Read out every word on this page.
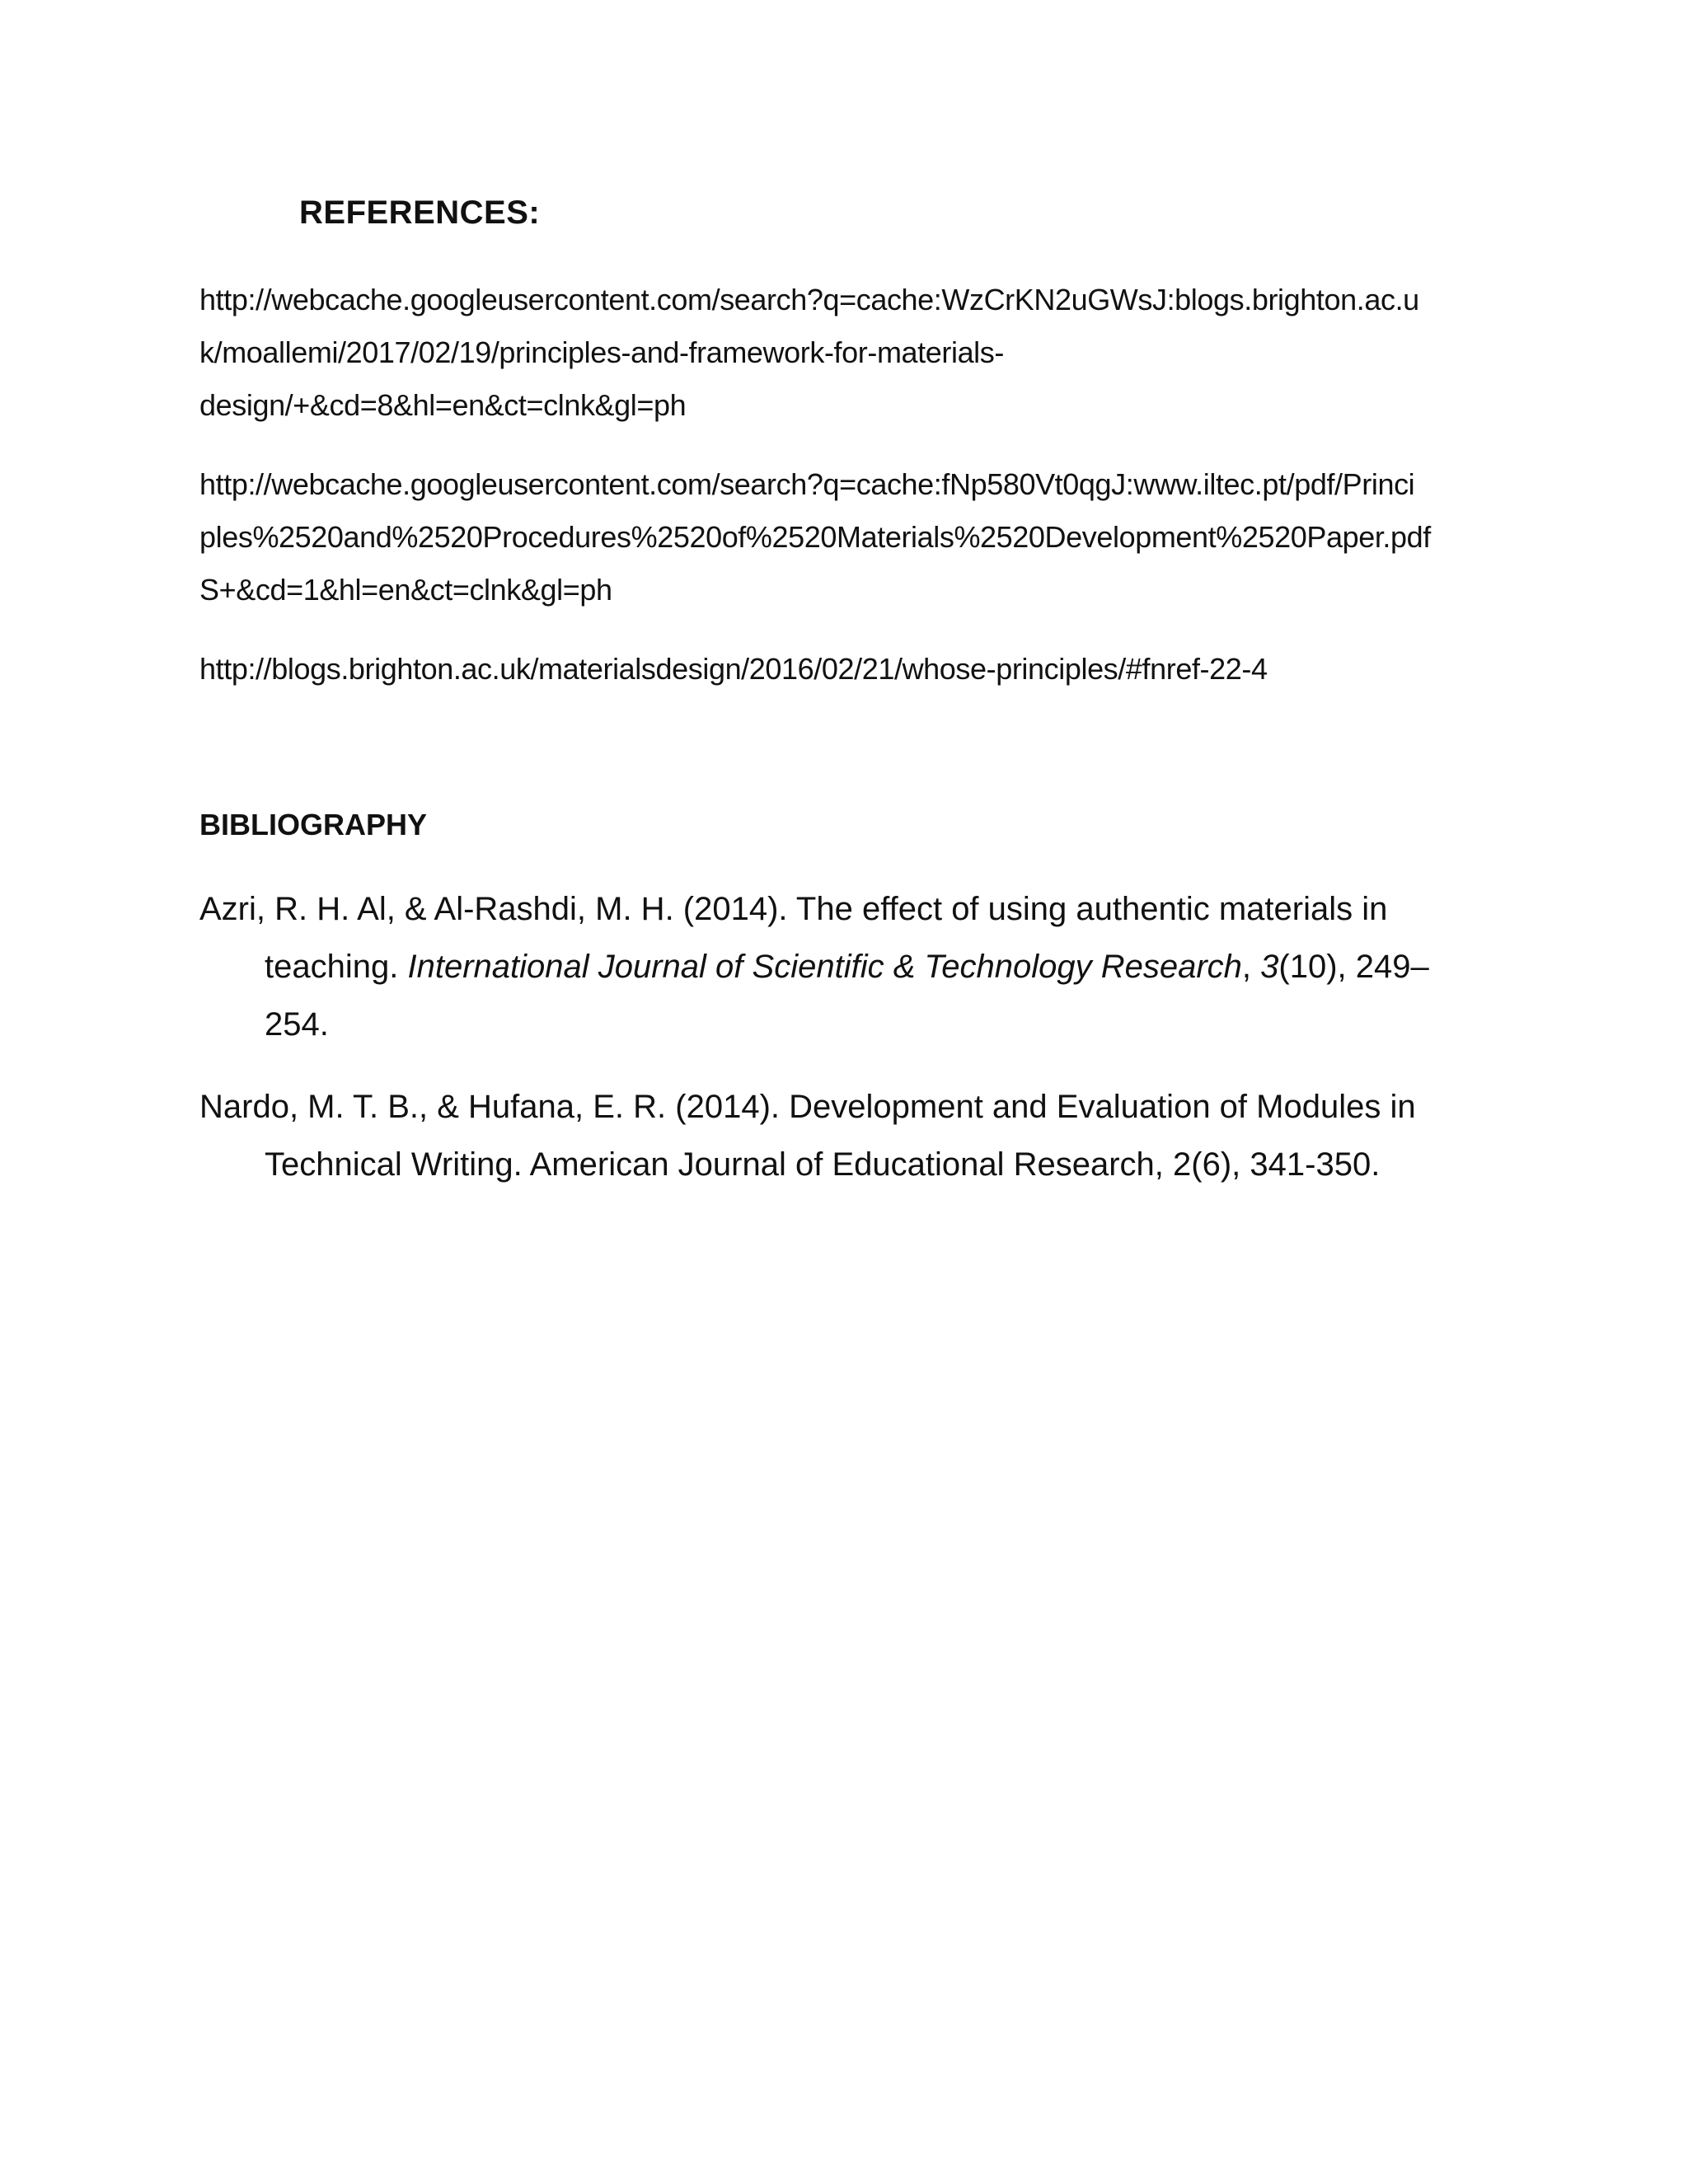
REFERENCES:
http://webcache.googleusercontent.com/search?q=cache:WzCrKN2uGWsJ:blogs.brighton.ac.u
k/moallemi/2017/02/19/principles-and-framework-for-materials-
design/+&cd=8&hl=en&ct=clnk&gl=ph
http://webcache.googleusercontent.com/search?q=cache:fNp580Vt0qgJ:www.iltec.pt/pdf/Princi
ples%2520and%2520Procedures%2520of%2520Materials%2520Development%2520Paper.pdf
S+&cd=1&hl=en&ct=clnk&gl=ph
http://blogs.brighton.ac.uk/materialsdesign/2016/02/21/whose-principles/#fnref-22-4
BIBLIOGRAPHY
Azri, R. H. Al, & Al-Rashdi, M. H. (2014). The effect of using authentic materials in
teaching. International Journal of Scientific & Technology Research, 3(10), 249–
254.
Nardo, M. T. B., & Hufana, E. R. (2014). Development and Evaluation of Modules in
Technical Writing. American Journal of Educational Research, 2(6), 341-350.
